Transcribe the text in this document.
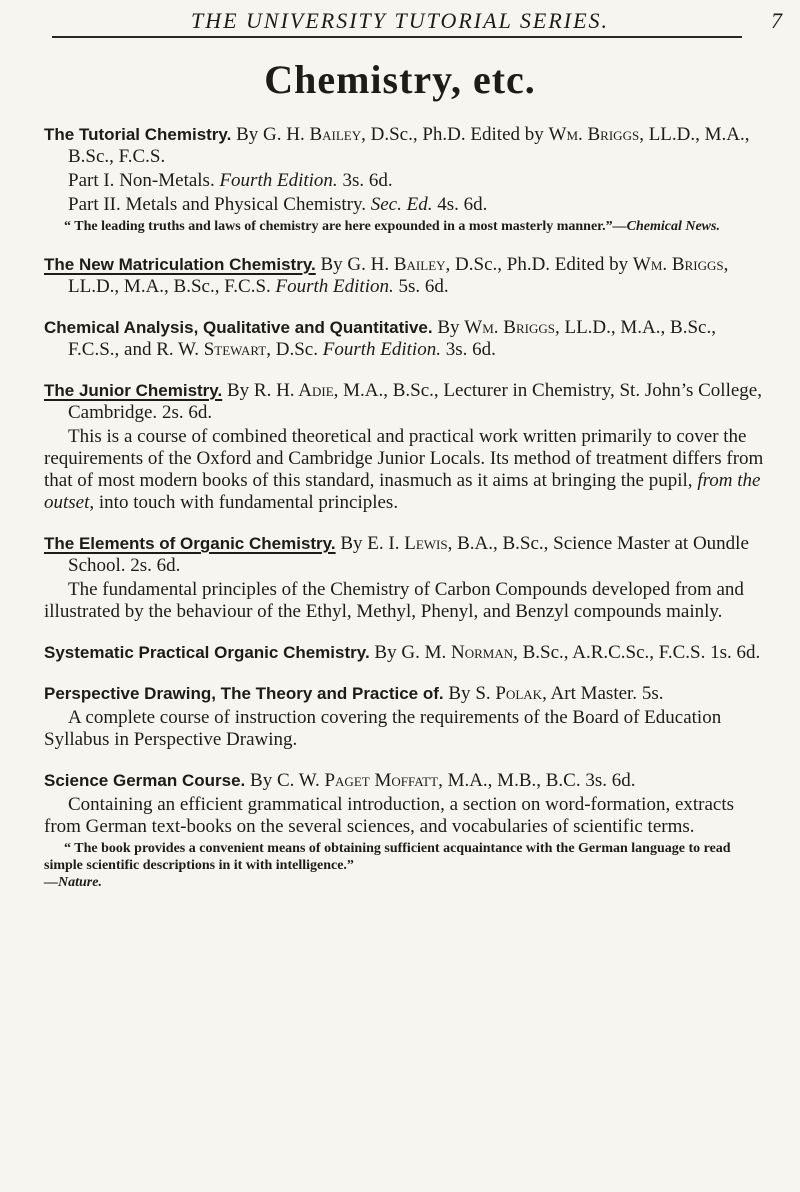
THE UNIVERSITY TUTORIAL SERIES.	7
Chemistry, etc.

The Tutorial Chemistry. By G. H. Bailey, D.Sc., Ph.D. Edited by Wm. Briggs, LL.D., M.A., B.Sc., F.C.S.

Part I. Non-Metals. Fourth Edition. 3s. 6d.

Part II. Metals and Physical Chemistry. Sec. Ed. 4s. 6d.

“ The leading truths and laws of chemistry are here expounded in a most masterly manner.”—Chemical News.

The New Matriculation Chemistry. By G. H. Bailey, D.Sc., Ph.D. Edited by Wm. Briggs, LL.D., M.A., B.Sc., F.C.S. Fourth Edition. 5s. 6d.

Chemical Analysis, Qualitative and Quantitative. By Wm. Briggs, LL.D., M.A., B.Sc., F.C.S., and R. W. Stewart, D.Sc. Fourth Edition. 3s. 6d.

The Junior Chemistry. By R. H. Adie, M.A., B.Sc., Lecturer in Chemistry, St. John’s College, Cambridge. 2s. 6d.

This is a course of combined theoretical and practical work written primarily to cover the requirements of the Oxford and Cambridge Junior Locals. Its method of treatment differs from that of most modern books of this standard, inasmuch as it aims at bringing the pupil, from the outset, into touch with fundamental principles.

The Elements of Organic Chemistry. By E. I. Lewis, B.A., B.Sc., Science Master at Oundle School. 2s. 6d.

The fundamental principles of the Chemistry of Carbon Compounds developed from and illustrated by the behaviour of the Ethyl, Methyl, Phenyl, and Benzyl compounds mainly.

Systematic Practical Organic Chemistry. By G. M. Norman, B.Sc., A.R.C.Sc., F.C.S. 1s. 6d.

Perspective Drawing, The Theory and Practice of. By S. Polak, Art Master. 5s.

A complete course of instruction covering the requirements of the Board of Education Syllabus in Perspective Drawing.

Science German Course. By C. W. Paget Moffatt, M.A., M.B., B.C. 3s. 6d.

Containing an efficient grammatical introduction, a section on word-formation, extracts from German text-books on the several sciences, and vocabularies of scientific terms.

“ The book provides a convenient means of obtaining sufficient acquaintance with the German language to read simple scientific descriptions in it with intelligence.”
—Nature.
